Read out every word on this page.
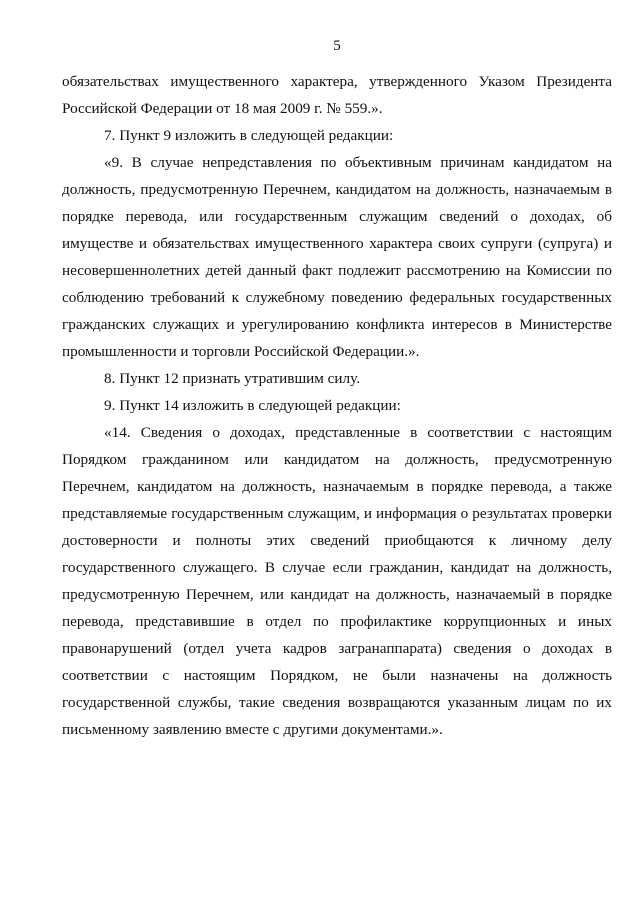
5

обязательствах имущественного характера, утвержденного Указом Президента Российской Федерации от 18 мая 2009 г. № 559.».

7. Пункт 9 изложить в следующей редакции:

«9. В случае непредставления по объективным причинам кандидатом на должность, предусмотренную Перечнем, кандидатом на должность, назначаемым в порядке перевода, или государственным служащим сведений о доходах, об имуществе и обязательствах имущественного характера своих супруги (супруга) и несовершеннолетних детей данный факт подлежит рассмотрению на Комиссии по соблюдению требований к служебному поведению федеральных государственных гражданских служащих и урегулированию конфликта интересов в Министерстве промышленности и торговли Российской Федерации.».

8. Пункт 12 признать утратившим силу.

9. Пункт 14 изложить в следующей редакции:

«14. Сведения о доходах, представленные в соответствии с настоящим Порядком гражданином или кандидатом на должность, предусмотренную Перечнем, кандидатом на должность, назначаемым в порядке перевода, а также представляемые государственным служащим, и информация о результатах проверки достоверности и полноты этих сведений приобщаются к личному делу государственного служащего. В случае если гражданин, кандидат на должность, предусмотренную Перечнем, или кандидат на должность, назначаемый в порядке перевода, представившие в отдел по профилактике коррупционных и иных правонарушений (отдел учета кадров загранаппарата) сведения о доходах в соответствии с настоящим Порядком, не были назначены на должность государственной службы, такие сведения возвращаются указанным лицам по их письменному заявлению вместе с другими документами.».
